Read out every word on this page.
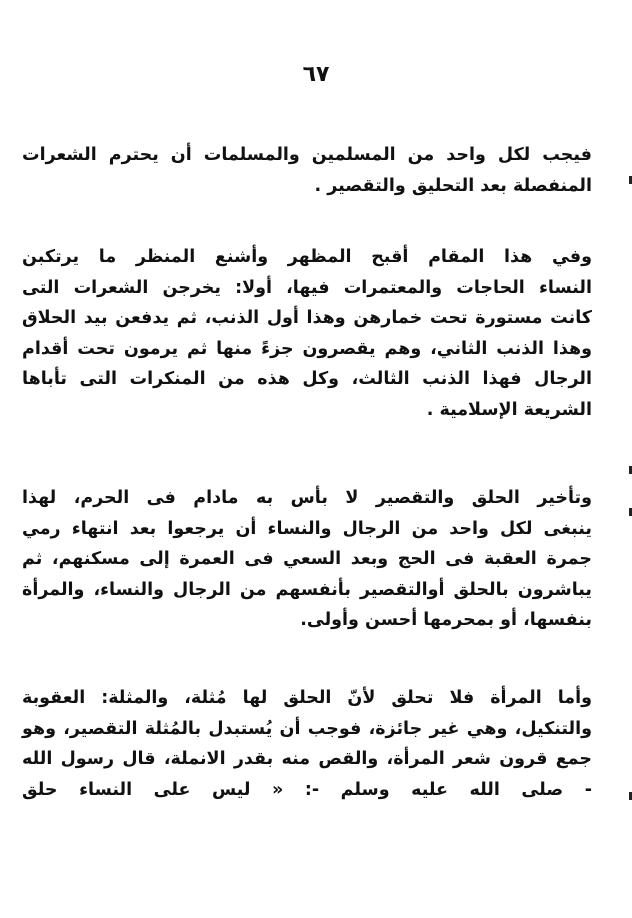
٦٧
فيجب لكل واحد من المسلمين والمسلمات أن يحترم الشعرات
المنفصلة بعد التحليق والتقصير .
وفي هذا المقام أقبح المظهر وأشنع المنظر ما يرتكبن
النساء الحاجات والمعتمرات فيها، أولا: يخرجن الشعرات التى
كانت مستورة تحت خمارهن وهذا أول الذنب، ثم يدفعن بيد الحلاق
وهذا الذنب الثاني، وهم يقصرون جزءً منها ثم يرمون تحت أقدام
الرجال فهذا الذنب الثالث، وكل هذه من المنكرات التى تأباها
الشريعة الإسلامية .
وتأخير الحلق والتقصير لا بأس به مادام فى الحرم، لهذا
ينبغى لكل واحد من الرجال والنساء أن يرجعوا بعد انتهاء رمي
جمرة العقبة فى الحج وبعد السعي فى العمرة إلى مسكنهم، ثم
يباشرون بالحلق أوالتقصير بأنفسهم من الرجال والنساء، والمرأة
بنفسها، أو بمحرمها أحسن وأولى.
وأما المرأة فلا تحلق لأنّ الحلق لها مُثلة، والمثلة: العقوبة
والتنكيل، وهي غير جائزة، فوجب أن يُستبدل بالمُثلة التقصير، وهو
جمع قرون شعر المرأة، والقص منه بقدر الانملة، قال رسول الله
- صلى الله عليه وسلم -: « ليس على النساء حلق
